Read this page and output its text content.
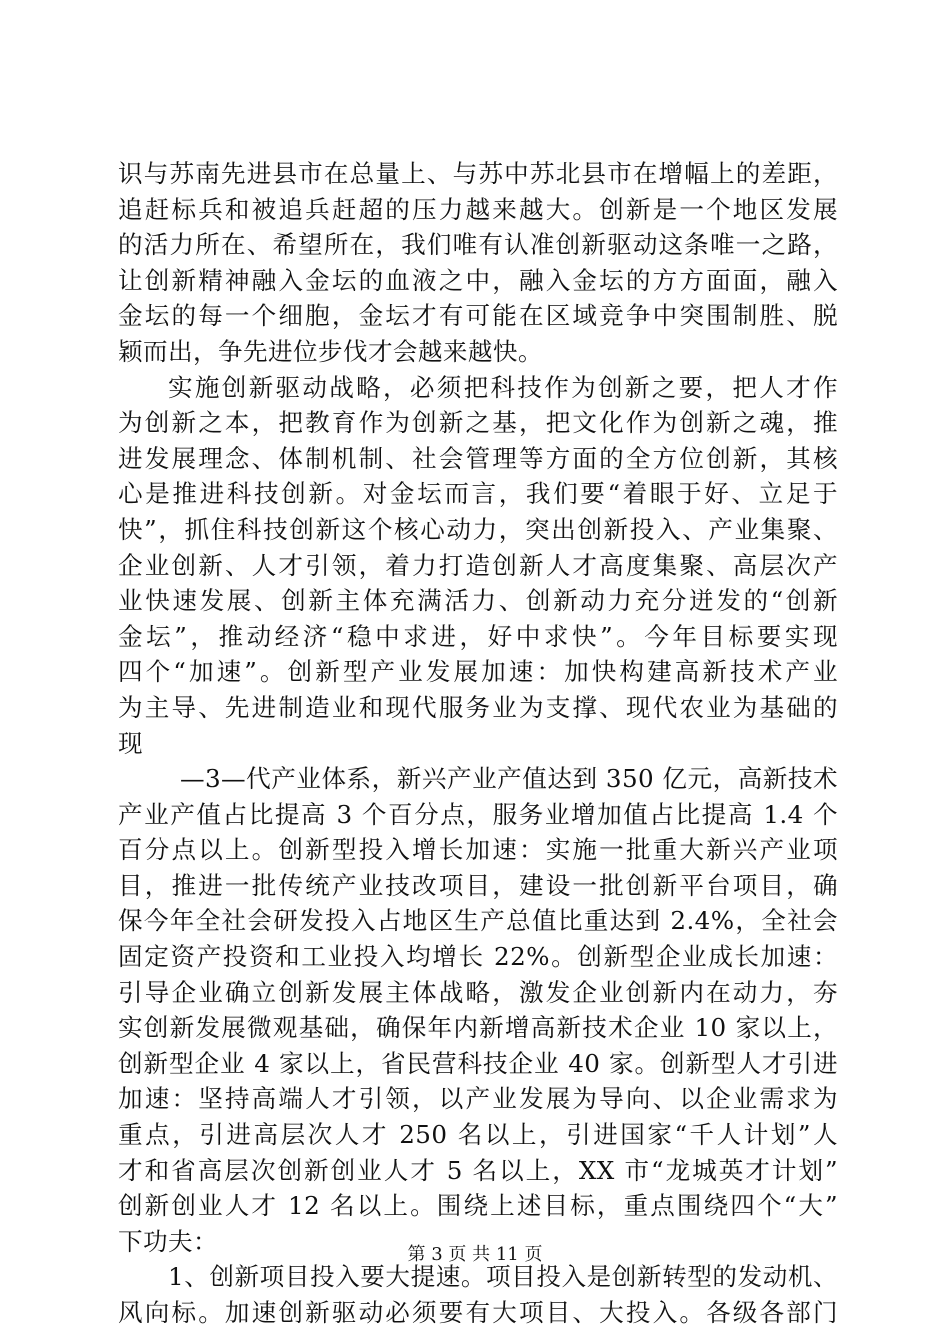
识与苏南先进县市在总量上、与苏中苏北县市在增幅上的差距，
追赶标兵和被追兵赶超的压力越来越大。创新是一个地区发展
的活力所在、希望所在，我们唯有认准创新驱动这条唯一之路，
让创新精神融入金坛的血液之中，融入金坛的方方面面，融入
金坛的每一个细胞，金坛才有可能在区域竞争中突围制胜、脱
颖而出，争先进位步伐才会越来越快。
实施创新驱动战略，必须把科技作为创新之要，把人才作
为创新之本，把教育作为创新之基，把文化作为创新之魂，推
进发展理念、体制机制、社会管理等方面的全方位创新，其核
心是推进科技创新。对金坛而言，我们要“着眼于好、立足于
快”，抓住科技创新这个核心动力，突出创新投入、产业集聚、
企业创新、人才引领，着力打造创新人才高度集聚、高层次产
业快速发展、创新主体充满活力、创新动力充分迸发的“创新
金坛”，推动经济“稳中求进，好中求快”。今年目标要实现
四个“加速”。创新型产业发展加速：加快构建高新技术产业
为主导、先进制造业和现代服务业为支撑、现代农业为基础的
现
—3—代产业体系，新兴产业产值达到 350 亿元，高新技术
产业产值占比提高 3 个百分点，服务业增加值占比提高 1.4 个
百分点以上。创新型投入增长加速：实施一批重大新兴产业项
目，推进一批传统产业技改项目，建设一批创新平台项目，确
保今年全社会研发投入占地区生产总值比重达到 2.4%，全社会
固定资产投资和工业投入均增长 22%。创新型企业成长加速：
引导企业确立创新发展主体战略，激发企业创新内在动力，夯
实创新发展微观基础，确保年内新增高新技术企业 10 家以上，
创新型企业 4 家以上，省民营科技企业 40 家。创新型人才引进
加速：坚持高端人才引领，以产业发展为导向、以企业需求为
重点，引进高层次人才 250 名以上，引进国家“千人计划”人
才和省高层次创新创业人才 5 名以上，XX 市“龙城英才计划”
创新创业人才 12 名以上。围绕上述目标，重点围绕四个“大”
下功夫：
1、创新项目投入要大提速。项目投入是创新转型的发动机、
风向标。加速创新驱动必须要有大项目、大投入。各级各部门
第 3 页 共 11 页
